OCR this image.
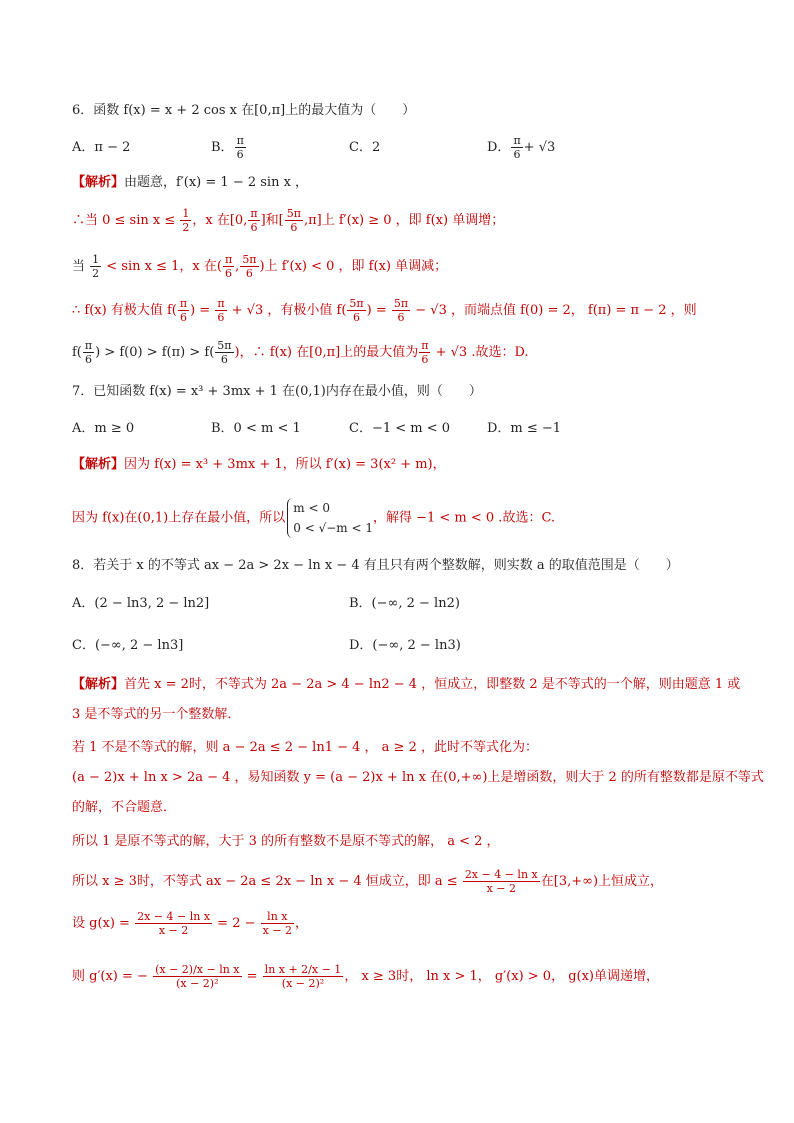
6．函数 f(x) = x + 2 cos x 在[0,π]上的最大值为（　　）
A．π − 2	B． $\frac{\pi}{6}$	C．2	D． $\frac{\pi}{6} + √3$
【解析】由题意，f′(x) = 1 − 2 sin x ，
∴当 $0 \le \sin x \le \frac{1}{2}$ ，x 在[0, $\frac{\pi}{6}$ ]和[ $\frac{5\pi}{6} ,\pi$]上 f′(x) ≥ 0 ，即 f(x) 单调增；
当 $\frac{1}{2} < \sin x \le 1$，x 在( $\frac{\pi}{6}$ , $\frac{5\pi}{6}$ )上 f′(x) < 0 ，即 f(x) 单调减；
∴ f(x) 有极大值 $f( \frac{\pi}{6}$ ) = $\frac{\pi}{6} + √3$ ，有极小值 $f( \frac{5\pi}{6}$ ) = $\frac{5\pi}{6} - √3$ ，而端点值 f(0) = 2， f(π) = π − 2 ，则
$f( \frac{\pi}{6}$ ) > $f(0) > f(\pi) > f( \frac{5\pi}{6}$ )，∴ f(x) 在[0,π]上的最大值为 $\frac{\pi}{6} + √3$ .故选：D.
7．已知函数 f(x) = x³ + 3mx + 1 在(0,1)内存在最小值，则（　　）
A．m ≥ 0	B．0 < m < 1	C．−1 < m < 0	D．m ≤ −1
【解析】因为 f(x) = x³ + 3mx + 1，所以 f′(x) = 3(x² + m)，
因为 f(x)在(0,1)上存在最小值，所以
m < 0
0 < √−m < 1
，解得 −1 < m < 0 .故选：C.
8．若关于 x 的不等式 ax − 2a > 2x − ln x − 4 有且只有两个整数解，则实数 a 的取值范围是（　　）
A．(2 − ln3, 2 − ln2]	B．(−∞, 2 − ln2)
C．(−∞, 2 − ln3]	D．(−∞, 2 − ln3)
【解析】首先 x = 2时，不等式为 2a − 2a > 4 − ln2 − 4 ，恒成立，即整数 2 是不等式的一个解，则由题意 1 或
3 是不等式的另一个整数解．
若 1 不是不等式的解，则 a − 2a ≤ 2 − ln1 − 4 ， a ≥ 2 ，此时不等式化为：
(a − 2)x + ln x > 2a − 4 ，易知函数 y = (a − 2)x + ln x 在(0,+∞)上是增函数，则大于 2 的所有整数都是原不等式
的解，不合题意．
所以 1 是原不等式的解，大于 3 的所有整数不是原不等式的解， a < 2 ，
所以 x ≥ 3时，不等式 ax − 2a ≤ 2x − ln x − 4 恒成立，即 $a \le \frac{\text{2x − 4 − ln x}}{x - 2}$ 在[3,+∞)上恒成立，
设 $g(x) = \frac{\text{2x − 4 − ln x}}{x - 2} = 2 - \frac{\text{ln x}}{x - 2}$ ，
则 g′(x) = − $\frac{\text{(x − 2)/x − ln x}}{\text{(x − 2)²}} = \frac{\text{ln x + 2/x − 1}}{\text{(x − 2)²}}$ ， x ≥ 3时， ln x > 1， g′(x) > 0， g(x)单调递增，
